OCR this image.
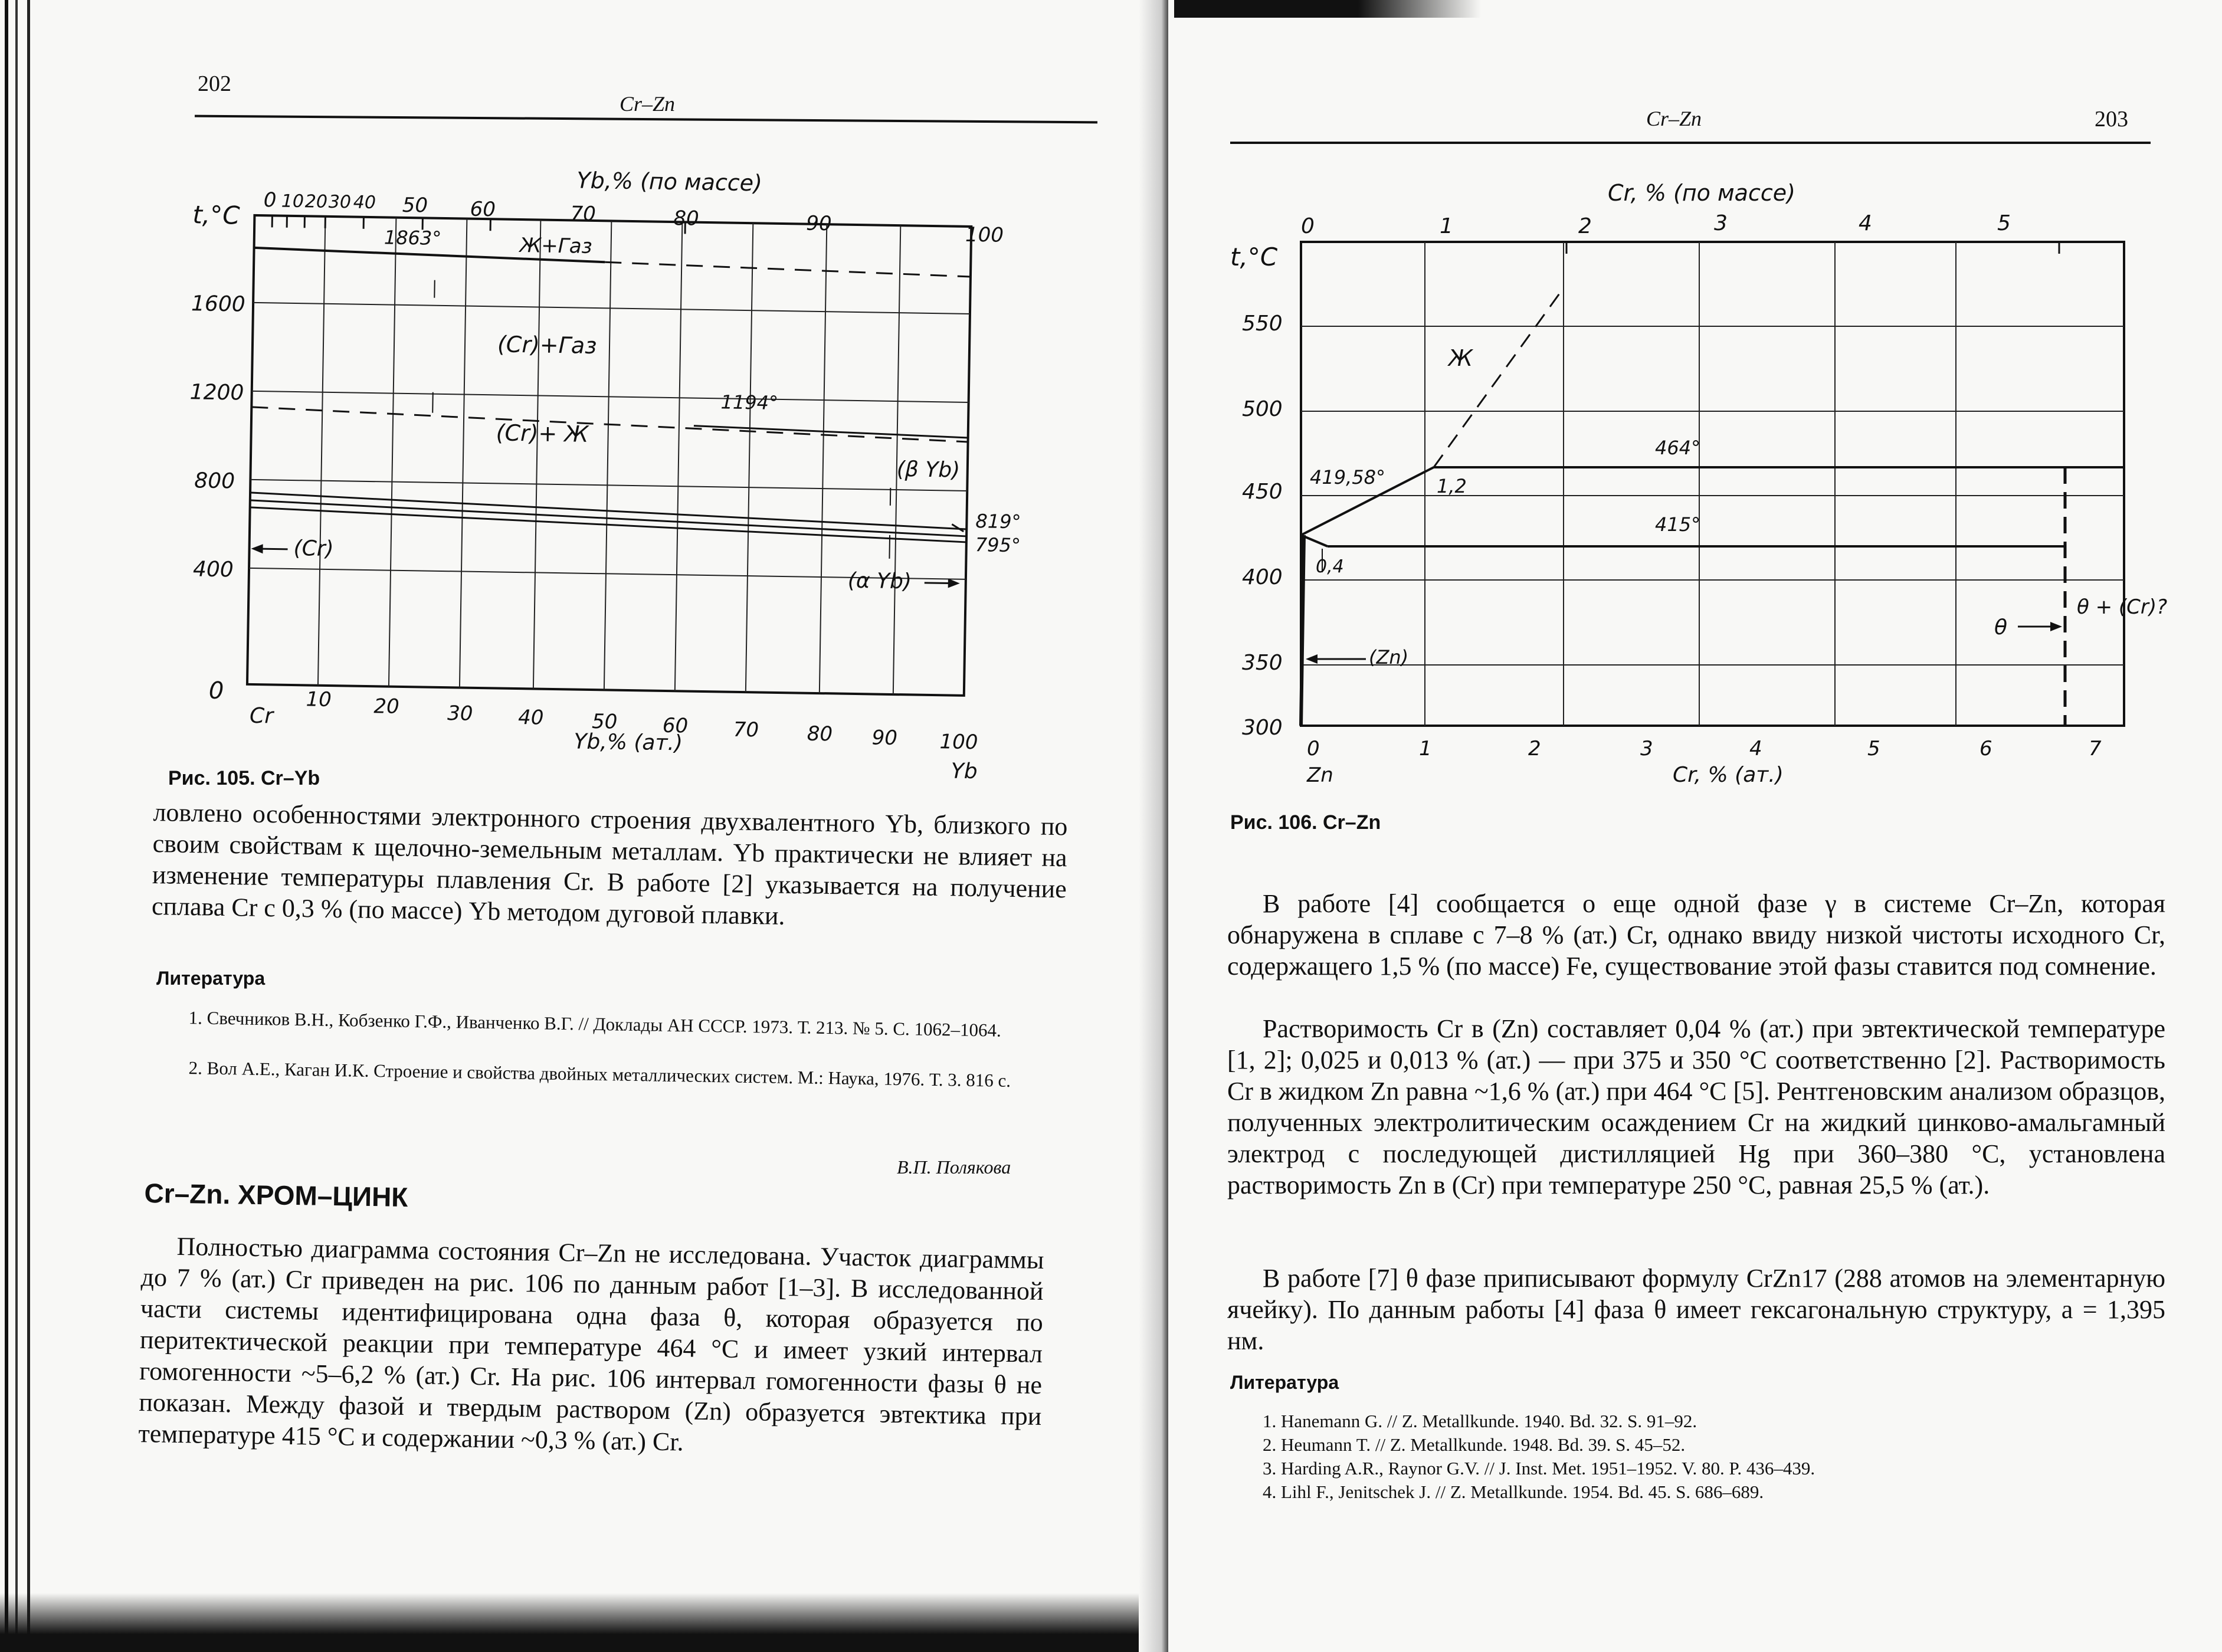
202
Cr–Zn
t,°C
1600
1200
800
400
0
Yb,% (по массе)
0 10 20 30 40 50 60	70	80	90	100
1863°	Ж+Газ
(Cr)+Газ
1194°
(Cr)+ Ж
(β Yb)
819°
795°
(Cr)
(α Yb)
Cr
10 20 30 40 50 60 70 80 90 100
Yb,% (ат.)
Yb
Рис. 105. Cr–Yb
ловлено особенностями электронного строения двухвалентного Yb, близкого по своим свойствам к щелочно-земельным металлам. Yb практически не влияет на изменение температуры плавления Cr. В работе [2] указывается на получение сплава Cr с 0,3 % (по массе) Yb методом дуговой плавки.
Литература
1. Свечников В.Н., Кобзенко Г.Ф., Иванченко В.Г. // Доклады АН СССР. 1973. Т. 213. № 5. С. 1062–1064.
2. Вол А.Е., Каган И.К. Строение и свойства двойных металлических систем. М.: Наука, 1976. Т. 3. 816 с.
В.П. Полякова
Cr–Zn. ХРОМ–ЦИНК
Полностью диаграмма состояния Cr–Zn не исследована. Участок диаграммы до 7 % (ат.) Cr приведен на рис. 106 по данным работ [1–3]. В исследованной части системы идентифицирована одна фаза θ, которая образуется по перитектической реакции при температуре 464 °С и имеет узкий интервал гомогенности ~5–6,2 % (ат.) Cr. На рис. 106 интервал гомогенности фазы θ не показан. Между фазой и твердым раствором (Zn) образуется эвтектика при температуре 415 °С и содержании ~0,3 % (ат.) Cr.
Cr–Zn	203
t,°C
550
500
450
400
350
300
Cr, % (по массе)
0	1	2	3	4	5
Ж
464°
419,58°	1,2
415°
0,4
(Zn)
θ
θ + (Cr)?
0	1	2	3	4	5	6	7
Zn	Cr, % (ат.)
Рис. 106. Cr–Zn
В работе [4] сообщается о еще одной фазе γ в системе Cr–Zn, которая обнаружена в сплаве с 7–8 % (ат.) Cr, однако ввиду низкой чистоты исходного Cr, содержащего 1,5 % (по массе) Fe, существование этой фазы ставится под сомнение.
Растворимость Cr в (Zn) составляет 0,04 % (ат.) при эвтектической температуре [1, 2]; 0,025 и 0,013 % (ат.) — при 375 и 350 °С соответственно [2]. Растворимость Cr в жидком Zn равна ~1,6 % (ат.) при 464 °С [5]. Рентгеновским анализом образцов, полученных электролитическим осаждением Cr на жидкий цинково-амальгамный электрод с последующей дистилляцией Hg при 360–380 °С, установлена растворимость Zn в (Cr) при температуре 250 °С, равная 25,5 % (ат.).
В работе [7] θ фазе приписывают формулу CrZn17 (288 атомов на элементарную ячейку). По данным работы [4] фаза θ имеет гексагональную структуру, a = 1,395 нм.
Литература
1. Hanemann G. // Z. Metallkunde. 1940. Bd. 32. S. 91–92.
2. Heumann T. // Z. Metallkunde. 1948. Bd. 39. S. 45–52.
3. Harding A.R., Raynor G.V. // J. Inst. Met. 1951–1952. V. 80. P. 436–439.
4. Lihl F., Jenitschek J. // Z. Metallkunde. 1954. Bd. 45. S. 686–689.
